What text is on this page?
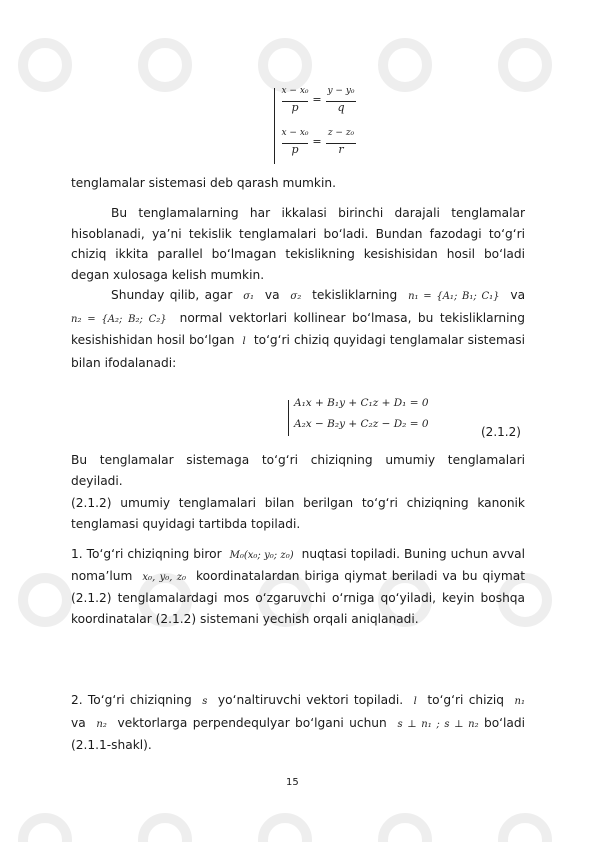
x − x₀
p
=
y − y₀
q
x − x₀
p
=
z − z₀
r
tenglamalar sistemasi deb qarash mumkin.
Bu tenglamalarning har ikkalasi birinchi darajali tenglamalar hisoblanadi, ya’ni tekislik tenglamalari bo‘ladi. Bundan fazodagi to‘g‘ri chiziq ikkita parallel bo‘lmagan tekislikning kesishisidan hosil bo‘ladi degan xulosaga kelish mumkin.
Shunday qilib, agar σ₁ va σ₂ tekisliklarning n₁ = {A₁; B₁; C₁} va n₂ = {A₂; B₂; C₂} normal vektorlari kollinear bo‘lmasa, bu tekisliklarning kesishishidan hosil bo‘lgan l to‘g‘ri chiziq quyidagi tenglamalar sistemasi bilan ifodalanadi:
A₁x + B₁y + C₁z + D₁ = 0
A₂x − B₂y + C₂z − D₂ = 0
(2.1.2)
Bu tenglamalar sistemaga to‘g‘ri chiziqning umumiy tenglamalari deyiladi.
(2.1.2) umumiy tenglamalari bilan berilgan to‘g‘ri chiziqning kanonik tenglamasi quyidagi tartibda topiladi.
1. To‘g‘ri chiziqning biror M₀(x₀; y₀; z₀) nuqtasi topiladi. Buning uchun avval noma’lum x₀, y₀, z₀ koordinatalardan biriga qiymat beriladi va bu qiymat (2.1.2) tenglamalardagi mos o‘zgaruvchi o‘rniga qo‘yiladi, keyin boshqa koordinatalar (2.1.2) sistemani yechish orqali aniqlanadi.
2. To‘g‘ri chiziqning s yo‘naltiruvchi vektori topiladi. l to‘g‘ri chiziq n₁ va n₂ vektorlarga perpendequlyar bo‘lgani uchun s ⊥ n₁ ; s ⊥ n₂ bo‘ladi (2.1.1-shakl).
15
